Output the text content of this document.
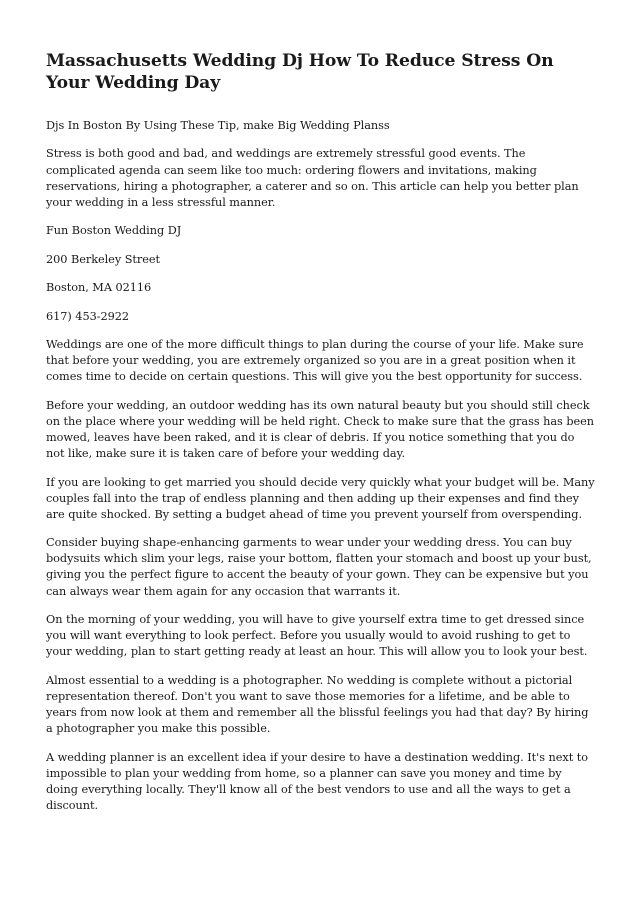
Massachusetts Wedding Dj How To Reduce Stress On Your Wedding Day

Djs In Boston By Using These Tip, make Big Wedding Planss

Stress is both good and bad, and weddings are extremely stressful good events. The complicated agenda can seem like too much: ordering flowers and invitations, making reservations, hiring a photographer, a caterer and so on. This article can help you better plan your wedding in a less stressful manner.

Fun Boston Wedding DJ

200 Berkeley Street

Boston, MA 02116

617) 453-2922

Weddings are one of the more difficult things to plan during the course of your life. Make sure that before your wedding, you are extremely organized so you are in a great position when it comes time to decide on certain questions. This will give you the best opportunity for success.

Before your wedding, an outdoor wedding has its own natural beauty but you should still check on the place where your wedding will be held right. Check to make sure that the grass has been mowed, leaves have been raked, and it is clear of debris. If you notice something that you do not like, make sure it is taken care of before your wedding day.

If you are looking to get married you should decide very quickly what your budget will be. Many couples fall into the trap of endless planning and then adding up their expenses and find they are quite shocked. By setting a budget ahead of time you prevent yourself from overspending.

Consider buying shape-enhancing garments to wear under your wedding dress. You can buy bodysuits which slim your legs, raise your bottom, flatten your stomach and boost up your bust, giving you the perfect figure to accent the beauty of your gown. They can be expensive but you can always wear them again for any occasion that warrants it.

On the morning of your wedding, you will have to give yourself extra time to get dressed since you will want everything to look perfect. Before you usually would to avoid rushing to get to your wedding, plan to start getting ready at least an hour. This will allow you to look your best.

Almost essential to a wedding is a photographer. No wedding is complete without a pictorial representation thereof. Don't you want to save those memories for a lifetime, and be able to years from now look at them and remember all the blissful feelings you had that day? By hiring a photographer you make this possible.

A wedding planner is an excellent idea if your desire to have a destination wedding. It's next to impossible to plan your wedding from home, so a planner can save you money and time by doing everything locally. They'll know all of the best vendors to use and all the ways to get a discount.
